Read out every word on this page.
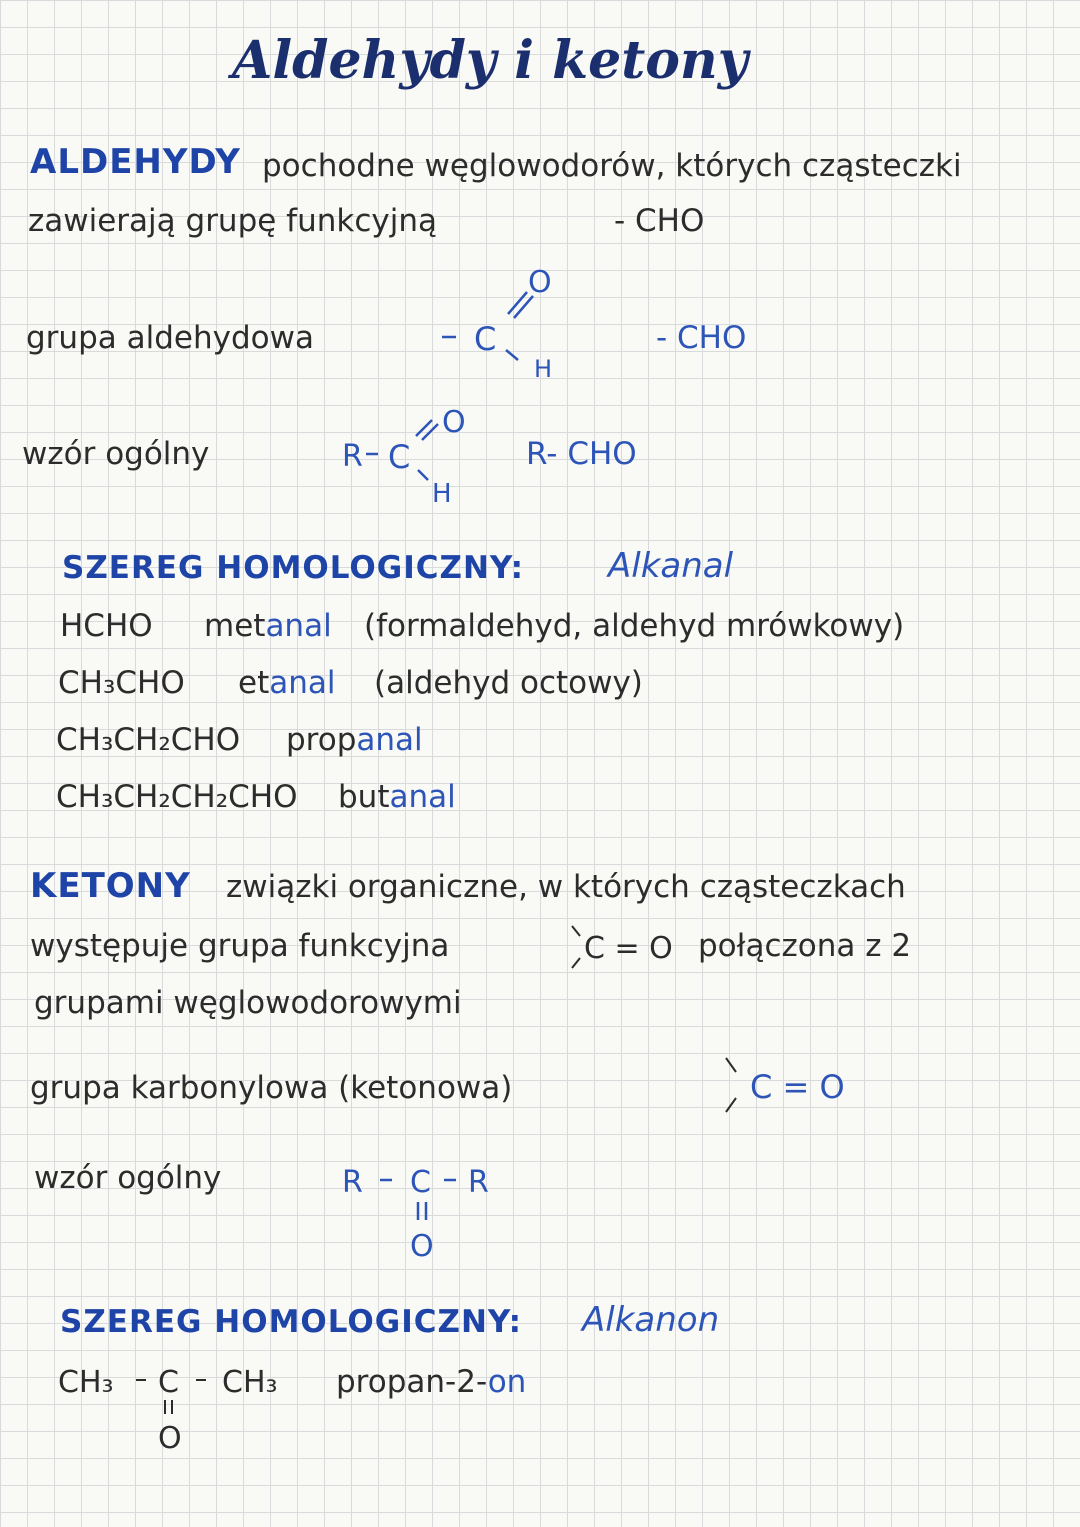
Aldehydy i ketony
ALDEHYDY pochodne węglowodorów, których cząsteczki
zawierają grupę funkcyjną	- CHO
grupa aldehydowa	C
O
H
- CHO
wzór ogólny	R C
O
H
R- CHO
SZEREG HOMOLOGICZNY: Alkanal
HCHO metanal (formaldehyd, aldehyd mrówkowy)
CH₃CHO etanal (aldehyd octowy)
CH₃CH₂CHO propanal
CH₃CH₂CH₂CHO butanal
KETONY związki organiczne, w których cząsteczkach
występuje grupa funkcyjna	C = O połączona z 2
grupami węglowodorowymi
grupa karbonylowa (ketonowa)	C = O
wzór ogólny	R C R
O
SZEREG HOMOLOGICZNY: Alkanon
CH₃ C CH₃
O
propan-2-on
